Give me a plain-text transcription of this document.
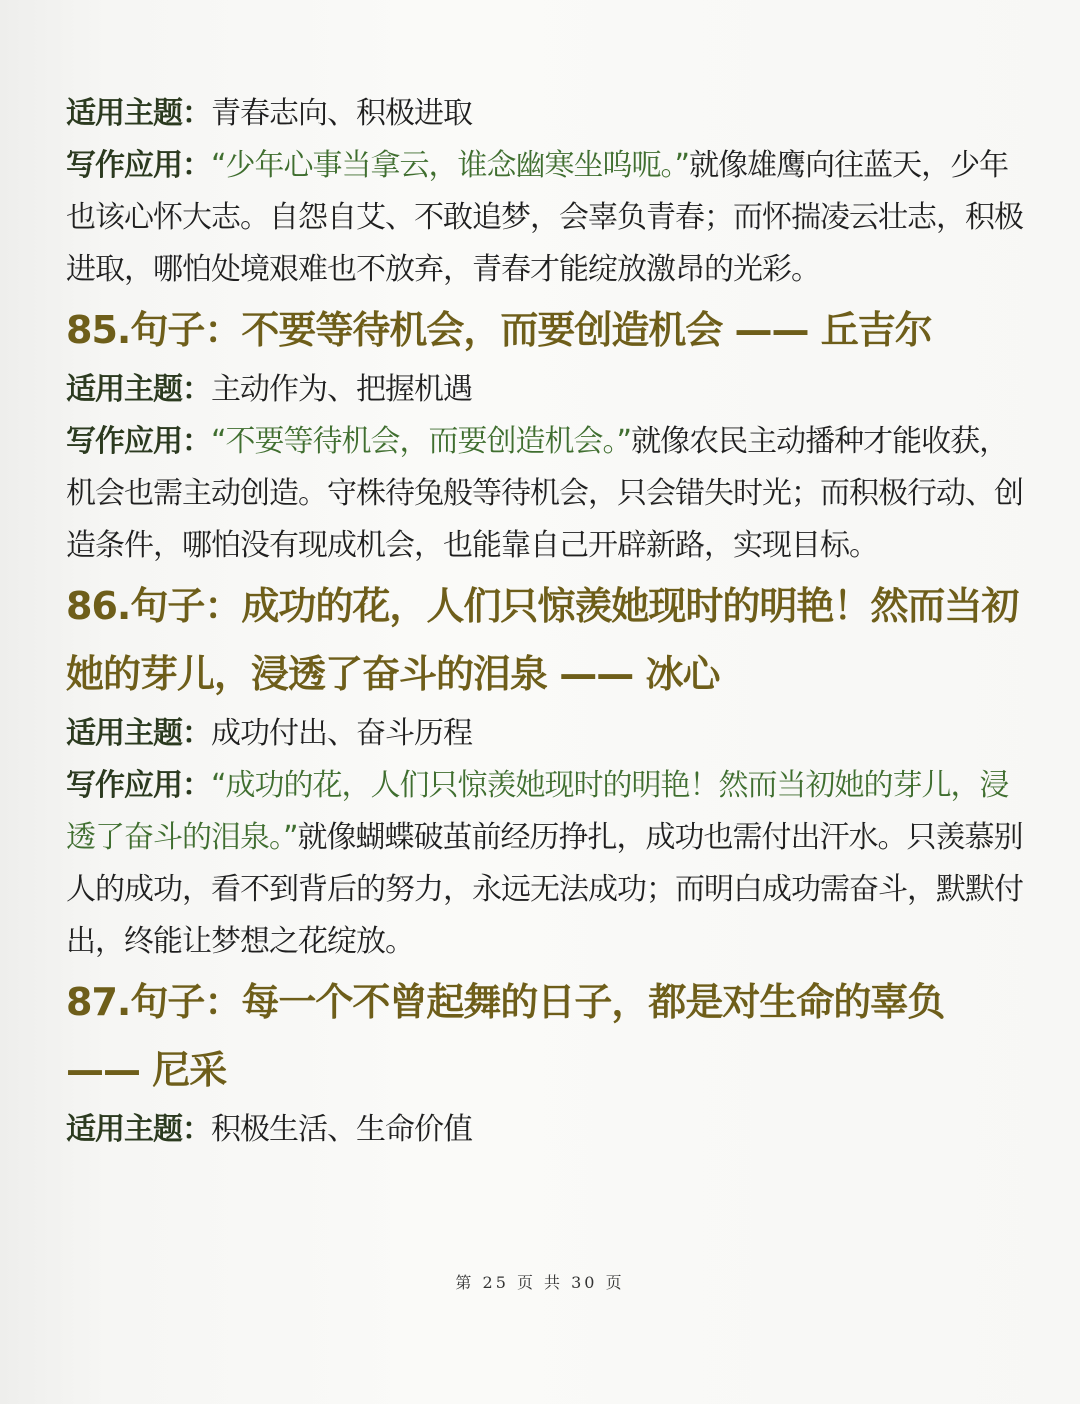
适用主题：青春志向、积极进取

写作应用：“少年心事当拿云，谁念幽寒坐呜呃。”就像雄鹰向往蓝天，少年也该心怀大志。自怨自艾、不敢追梦，会辜负青春；而怀揣凌云壮志，积极进取，哪怕处境艰难也不放弃，青春才能绽放激昂的光彩。

85.句子：不要等待机会，而要创造机会 —— 丘吉尔

适用主题：主动作为、把握机遇

写作应用：“不要等待机会，而要创造机会。”就像农民主动播种才能收获，机会也需主动创造。守株待兔般等待机会，只会错失时光；而积极行动、创造条件，哪怕没有现成机会，也能靠自己开辟新路，实现目标。

86.句子：成功的花，人们只惊羡她现时的明艳！然而当初她的芽儿，浸透了奋斗的泪泉 —— 冰心

适用主题：成功付出、奋斗历程

写作应用：“成功的花，人们只惊羡她现时的明艳！然而当初她的芽儿，浸透了奋斗的泪泉。”就像蝴蝶破茧前经历挣扎，成功也需付出汗水。只羡慕别人的成功，看不到背后的努力，永远无法成功；而明白成功需奋斗，默默付出，终能让梦想之花绽放。

87.句子：每一个不曾起舞的日子，都是对生命的辜负 —— 尼采

适用主题：积极生活、生命价值

第 25 页 共 30 页
